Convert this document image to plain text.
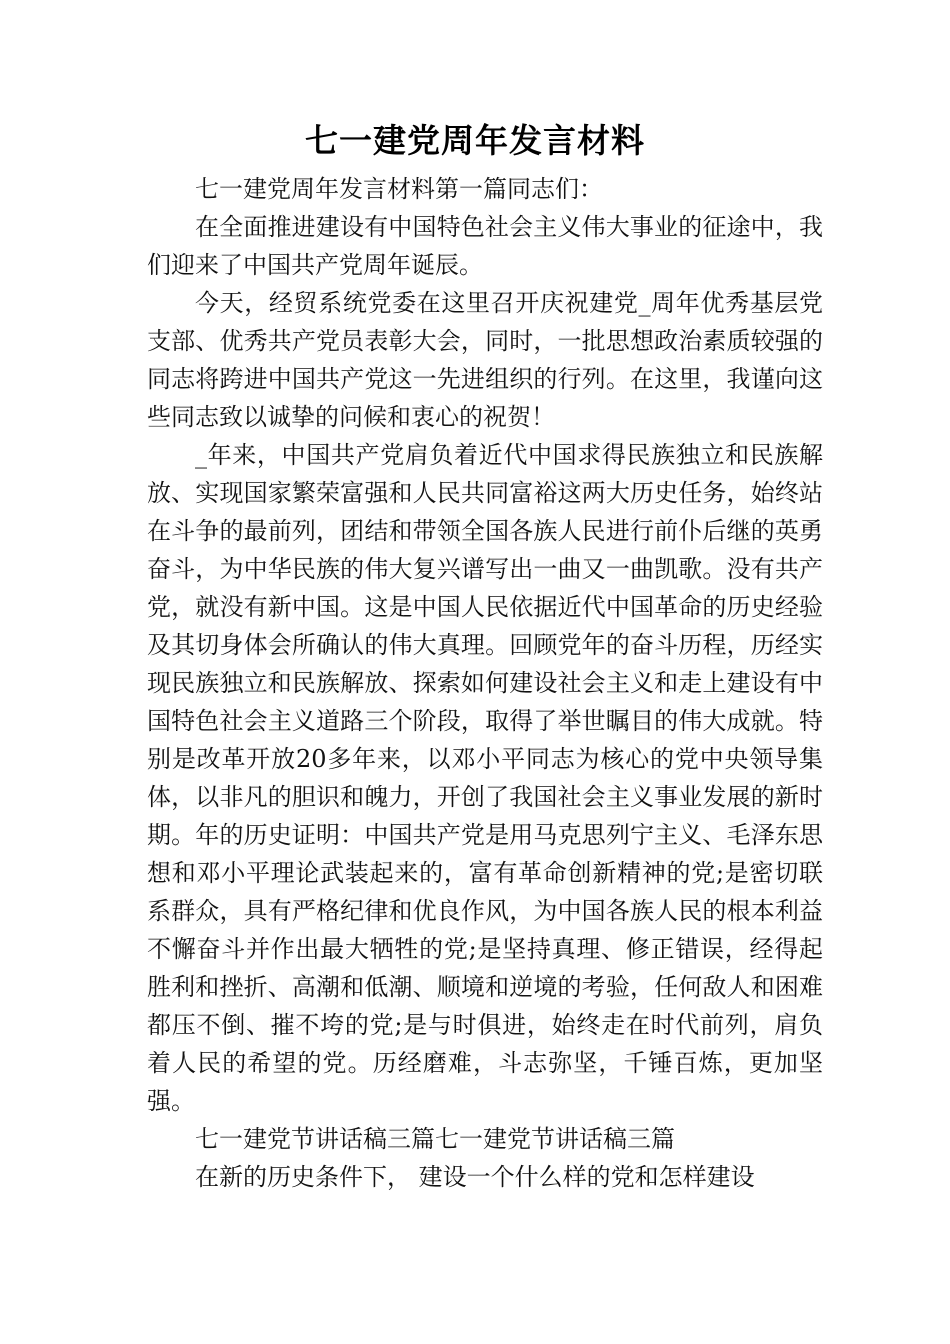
七一建党周年发言材料

七一建党周年发言材料第一篇同志们：

在全面推进建设有中国特色社会主义伟大事业的征途中，我们迎来了中国共产党周年诞辰。

今天，经贸系统党委在这里召开庆祝建党_周年优秀基层党支部、优秀共产党员表彰大会，同时，一批思想政治素质较强的同志将跨进中国共产党这一先进组织的行列。在这里，我谨向这些同志致以诚挚的问候和衷心的祝贺！

_年来，中国共产党肩负着近代中国求得民族独立和民族解放、实现国家繁荣富强和人民共同富裕这两大历史任务，始终站在斗争的最前列，团结和带领全国各族人民进行前仆后继的英勇奋斗，为中华民族的伟大复兴谱写出一曲又一曲凯歌。没有共产党，就没有新中国。这是中国人民依据近代中国革命的历史经验及其切身体会所确认的伟大真理。回顾党年的奋斗历程，历经实现民族独立和民族解放、探索如何建设社会主义和走上建设有中国特色社会主义道路三个阶段，取得了举世瞩目的伟大成就。特别是改革开放20多年来，以邓小平同志为核心的党中央领导集体，以非凡的胆识和魄力，开创了我国社会主义事业发展的新时期。年的历史证明：中国共产党是用马克思列宁主义、毛泽东思想和邓小平理论武装起来的，富有革命创新精神的党;是密切联系群众，具有严格纪律和优良作风，为中国各族人民的根本利益不懈奋斗并作出最大牺牲的党;是坚持真理、修正错误，经得起胜利和挫折、高潮和低潮、顺境和逆境的考验，任何敌人和困难都压不倒、摧不垮的党;是与时俱进，始终走在时代前列，肩负着人民的希望的党。历经磨难，斗志弥坚，千锤百炼，更加坚强。

七一建党节讲话稿三篇七一建党节讲话稿三篇

在新的历史条件下， 建设一个什么样的党和怎样建设
